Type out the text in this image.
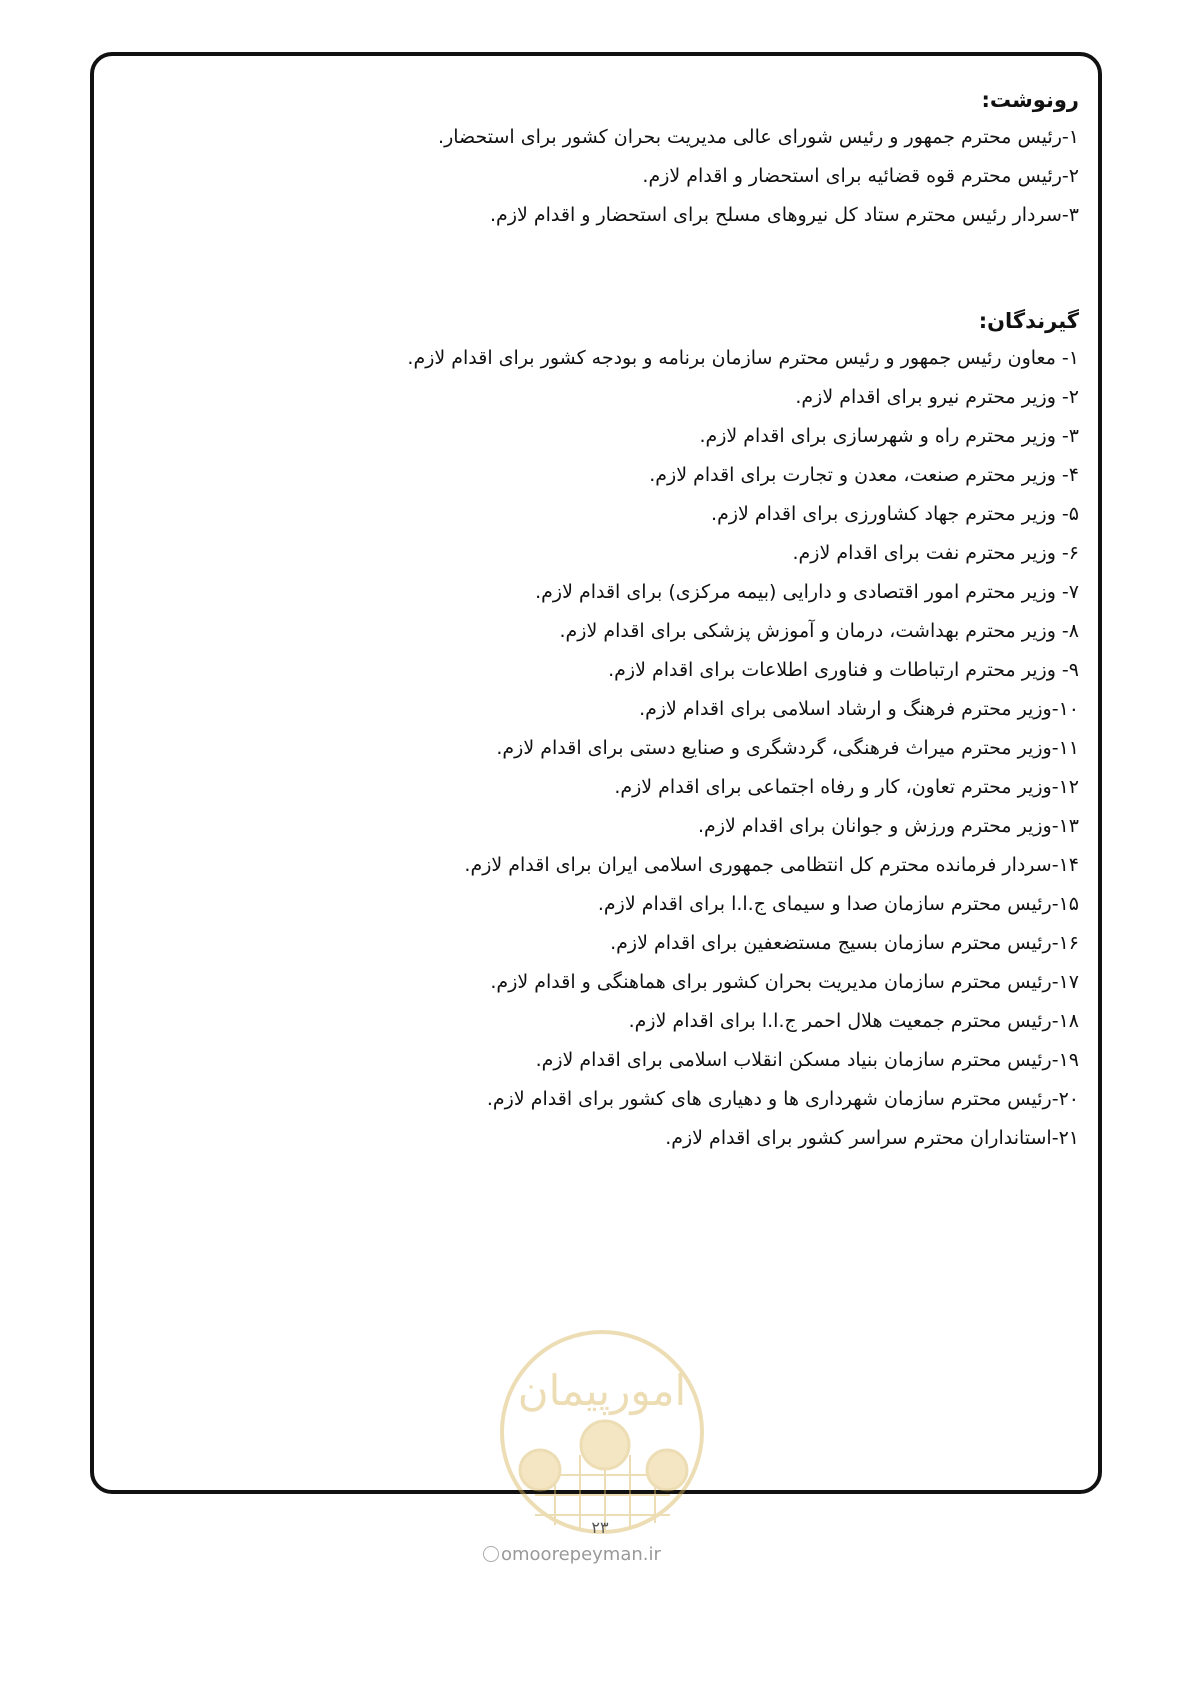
رونوشت:
۱-رئیس محترم جمهور و رئیس شورای عالی مدیریت بحران کشور برای استحضار.
۲-رئیس محترم قوه قضائیه برای استحضار و اقدام لازم.
۳-سردار رئیس محترم ستاد کل نیروهای مسلح برای استحضار و اقدام لازم.
گیرندگان:
۱- معاون رئیس جمهور و رئیس محترم سازمان برنامه و بودجه کشور برای اقدام لازم.
۲- وزیر محترم نیرو برای اقدام لازم.
۳- وزیر محترم راه و شهرسازی برای اقدام لازم.
۴- وزیر محترم صنعت، معدن و تجارت برای اقدام لازم.
۵- وزیر محترم جهاد کشاورزی برای اقدام لازم.
۶- وزیر محترم نفت برای اقدام لازم.
۷- وزیر محترم امور اقتصادی و دارایی (بیمه مرکزی) برای اقدام لازم.
۸- وزیر محترم بهداشت، درمان و آموزش پزشکی برای اقدام لازم.
۹- وزیر محترم ارتباطات و فناوری اطلاعات برای اقدام لازم.
۱۰-وزیر محترم فرهنگ و ارشاد اسلامی برای اقدام لازم.
۱۱-وزیر محترم میراث فرهنگی، گردشگری و صنایع دستی برای اقدام لازم.
۱۲-وزیر محترم تعاون، کار و رفاه اجتماعی برای اقدام لازم.
۱۳-وزیر محترم ورزش و جوانان برای اقدام لازم.
۱۴-سردار فرمانده محترم کل انتظامی جمهوری اسلامی ایران برای اقدام لازم.
۱۵-رئیس محترم سازمان صدا و سیمای ج.ا.ا برای اقدام لازم.
۱۶-رئیس محترم سازمان بسیج مستضعفین برای اقدام لازم.
۱۷-رئیس محترم سازمان مدیریت بحران کشور برای هماهنگی و اقدام لازم.
۱۸-رئیس محترم جمعیت هلال احمر ج.ا.ا برای اقدام لازم.
۱۹-رئیس محترم سازمان بنیاد مسکن انقلاب اسلامی برای اقدام لازم.
۲۰-رئیس محترم سازمان شهرداری ها و دهیاری های کشور برای اقدام لازم.
۲۱-استانداران محترم سراسر کشور برای اقدام لازم.
امورپیمان
۲۳
omoorepeyman.ir
